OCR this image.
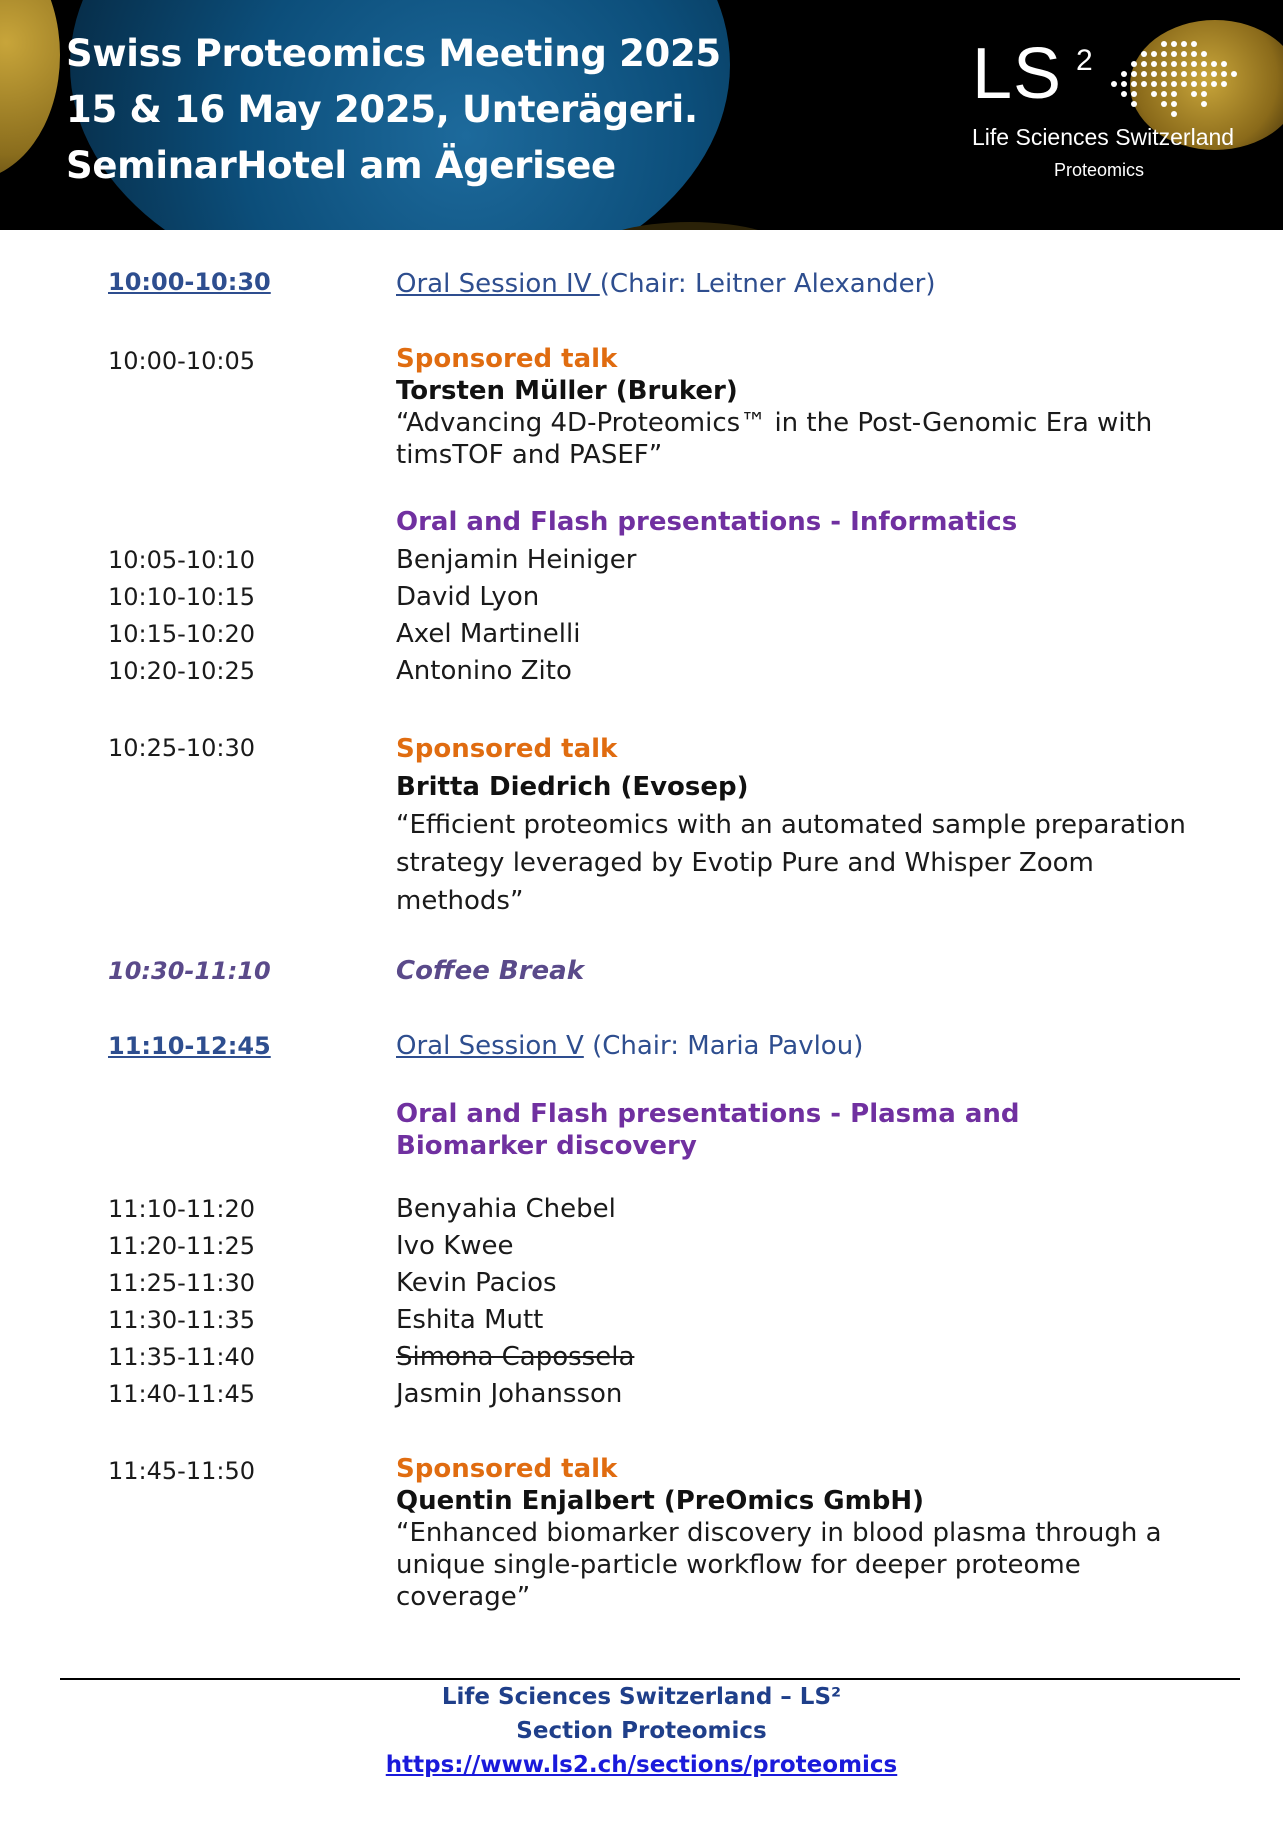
Swiss Proteomics Meeting 2025
15 & 16 May 2025, Unterägeri.
SeminarHotel am Ägerisee
LS 2
Life Sciences Switzerland
Proteomics
10:00-10:30	Oral Session IV (Chair: Leitner Alexander)
10:00-10:05	Sponsored talk
Torsten Müller (Bruker)
“Advancing 4D-Proteomics™ in the Post-Genomic Era with timsTOF and PASEF”
Oral and Flash presentations - Informatics
10:05-10:10	Benjamin Heiniger
10:10-10:15	David Lyon
10:15-10:20	Axel Martinelli
10:20-10:25	Antonino Zito
10:25-10:30	Sponsored talk
Britta Diedrich (Evosep)
“Efficient proteomics with an automated sample preparation strategy leveraged by Evotip Pure and Whisper Zoom methods”
10:30-11:10	Coffee Break
11:10-12:45	Oral Session V (Chair: Maria Pavlou)
Oral and Flash presentations - Plasma and Biomarker discovery
11:10-11:20	Benyahia Chebel
11:20-11:25	Ivo Kwee
11:25-11:30	Kevin Pacios
11:30-11:35	Eshita Mutt
11:35-11:40	Simona Capossela
11:40-11:45	Jasmin Johansson
11:45-11:50	Sponsored talk
Quentin Enjalbert (PreOmics GmbH)
“Enhanced biomarker discovery in blood plasma through a unique single-particle workflow for deeper proteome coverage”
Life Sciences Switzerland – LS²
Section Proteomics
https://www.ls2.ch/sections/proteomics
